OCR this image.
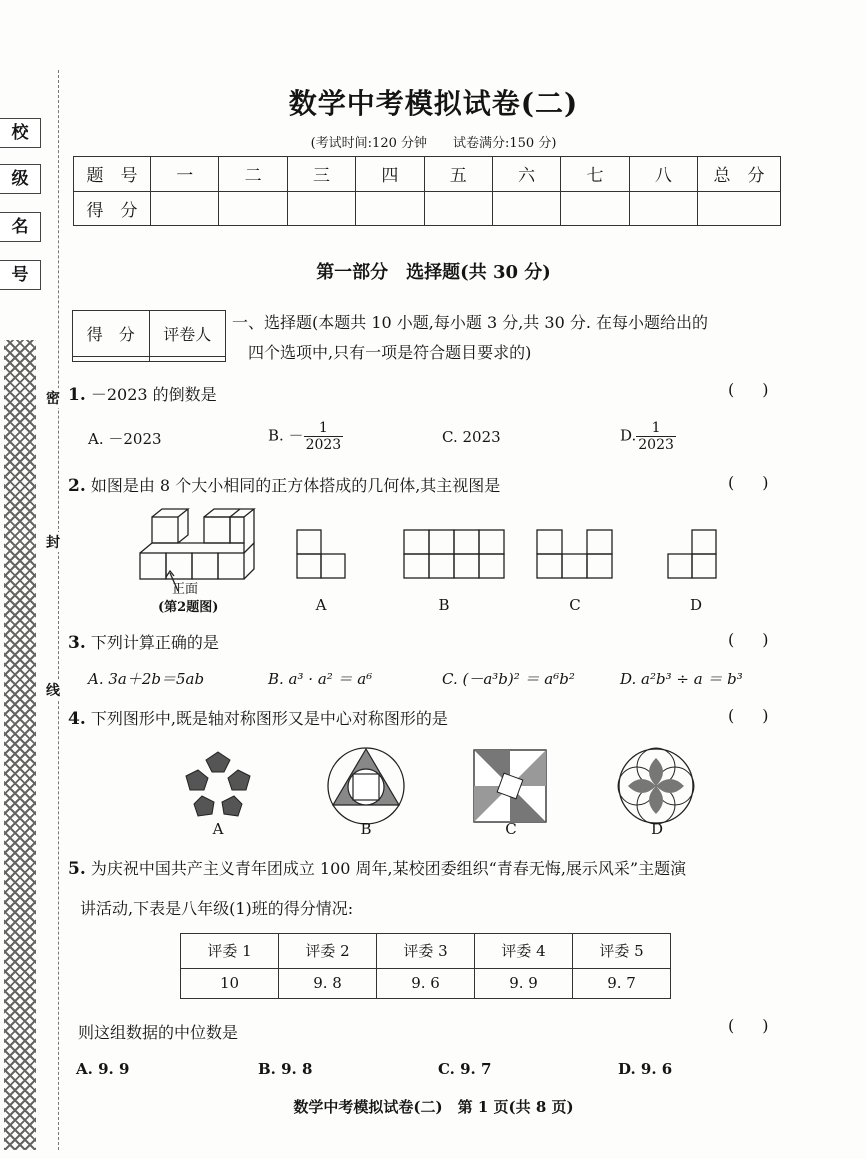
校
级
名
号
密
封
线
数学中考模拟试卷(二)
(考试时间:120 分钟　　试卷满分:150 分)
题　号	一	二	三	四	五	六	七	八	总　分
得　分									
第一部分　选择题(共 30 分)
得　分	评卷人

一、选择题(本题共 10 小题,每小题 3 分,共 30 分. 在每小题给出的
四个选项中,只有一项是符合题目要求的)
1. －2023 的倒数是	()
A. －2023	B. － $\frac{1}{2023}$	C. 2023	D. $\frac{1}{2023}$
2. 如图是由 8 个大小相同的正方体搭成的几何体,其主视图是	()
正面
(第2题图)	A	B	C	D
3. 下列计算正确的是	()
A. 3a＋2b＝5ab	B. a³ · a² ＝ a⁶	C. (－a³b)² ＝ a⁶b²	D. a²b³ ÷ a ＝ b³
4. 下列图形中,既是轴对称图形又是中心对称图形的是	()
A	B	C	D
5. 为庆祝中国共产主义青年团成立 100 周年,某校团委组织“青春无悔,展示风采”主题演
讲活动,下表是八年级(1)班的得分情况:
评委 1	评委 2	评委 3	评委 4	评委 5
10	9. 8	9. 6	9. 9	9. 7
则这组数据的中位数是	()
A. 9. 9	B. 9. 8	C. 9. 7	D. 9. 6
数学中考模拟试卷(二)　第 1 页(共 8 页)
